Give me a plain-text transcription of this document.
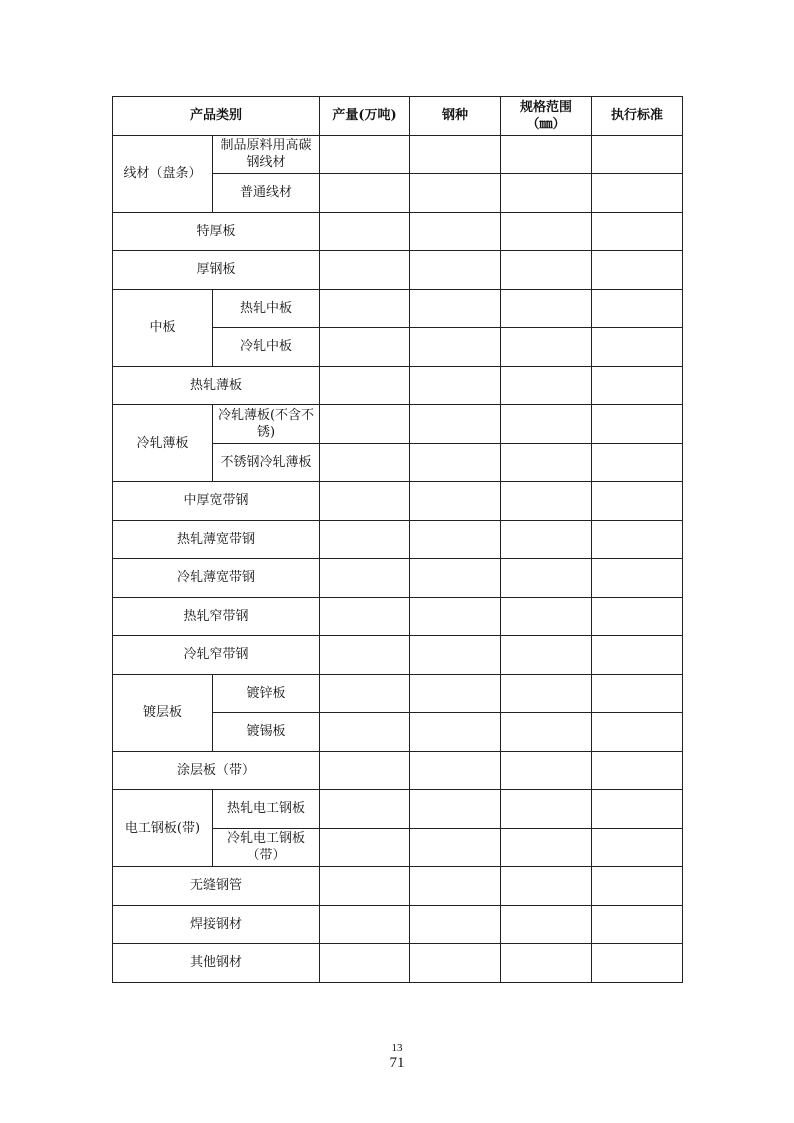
产品类别		产量(万吨)	钢种	规格范围（㎜）	执行标准
线材（盘条）	制品原料用高碳钢线材				
	普通线材				
特厚板					
厚钢板					
中板	热轧中板				
	冷轧中板				
热轧薄板					
冷轧薄板	冷轧薄板(不含不锈)				
	不锈钢冷轧薄板				
中厚宽带钢					
热轧薄宽带钢					
冷轧薄宽带钢					
热轧窄带钢					
冷轧窄带钢					
镀层板	镀锌板				
	镀锡板				
涂层板（带）					
电工钢板(带)	热轧电工钢板				
	冷轧电工钢板（带）				
无缝钢管					
焊接钢材					
其他钢材					
13
71
